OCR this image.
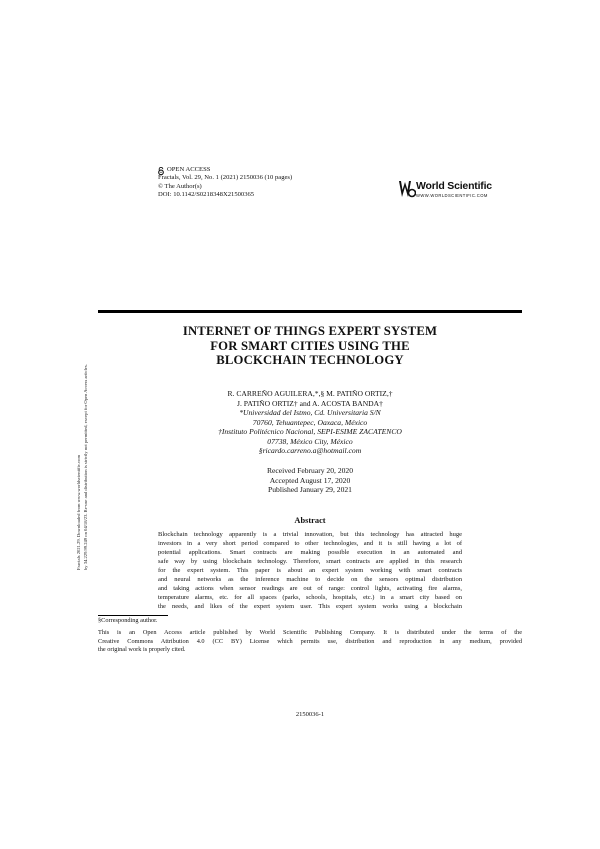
Fractals 2021.29. Downloaded from www.worldscientific.com by 34.229.99.249 on 04/18/23. Re-use and distribution is strictly not permitted, except for Open Access articles.
OPEN ACCESS
Fractals, Vol. 29, No. 1 (2021) 2150036 (10 pages)
© The Author(s)
DOI: 10.1142/S0218348X21500365
World Scientific
WWW.WORLDSCIENTIFIC.COM
INTERNET OF THINGS EXPERT SYSTEM
FOR SMART CITIES USING THE
BLOCKCHAIN TECHNOLOGY
R. CARREÑO AGUILERA,*,§ M. PATIÑO ORTIZ,†
J. PATIÑO ORTIZ† and A. ACOSTA BANDA†
*Universidad del Istmo, Cd. Universitaria S/N
70760, Tehuantepec, Oaxaca, México
†Instituto Politécnico Nacional, SEPI-ESIME ZACATENCO
07738, México City, México
§ricardo.carreno.a@hotmail.com
Received February 20, 2020
Accepted August 17, 2020
Published January 29, 2021
Abstract
Blockchain technology apparently is a trivial innovation, but this technology has attracted huge
investors in a very short period compared to other technologies, and it is still having a lot of
potential applications. Smart contracts are making possible execution in an automated and
safe way by using blockchain technology. Therefore, smart contracts are applied in this research
for the expert system. This paper is about an expert system working with smart contracts
and neural networks as the inference machine to decide on the sensors optimal distribution
and taking actions when sensor readings are out of range: control lights, activating fire alarms,
temperature alarms, etc. for all spaces (parks, schools, hospitals, etc.) in a smart city based on
the needs, and likes of the expert system user. This expert system works using a blockchain
§Corresponding author.
This is an Open Access article published by World Scientific Publishing Company. It is distributed under the terms of the
Creative Commons Attribution 4.0 (CC BY) License which permits use, distribution and reproduction in any medium, provided
the original work is properly cited.
2150036-1
